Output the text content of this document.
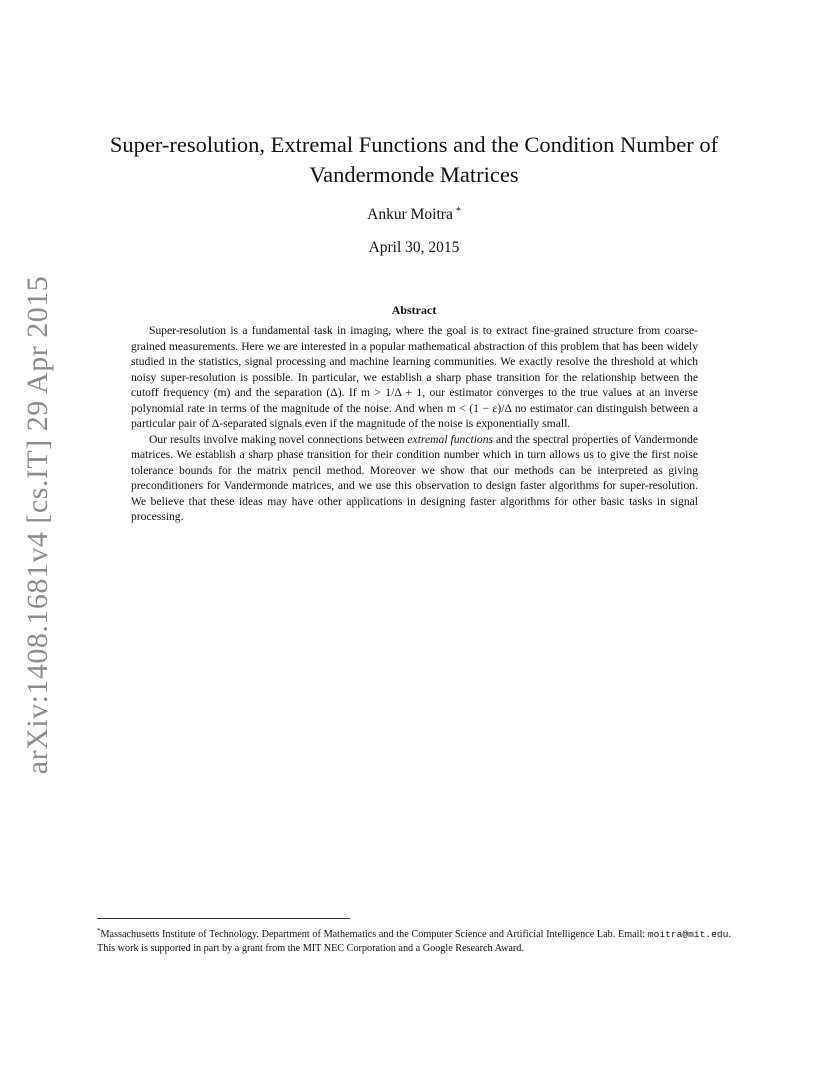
arXiv:1408.1681v4 [cs.IT] 29 Apr 2015
Super-resolution, Extremal Functions and the Condition Number of
Vandermonde Matrices
Ankur Moitra *
April 30, 2015
Abstract

Super-resolution is a fundamental task in imaging, where the goal is to extract fine-grained structure from coarse-grained measurements. Here we are interested in a popular mathematical abstraction of this problem that has been widely studied in the statistics, signal processing and machine learning communities. We exactly resolve the threshold at which noisy super-resolution is possible. In particular, we establish a sharp phase transition for the relationship between the cutoff frequency (m) and the separation (Δ). If m > 1/Δ + 1, our estimator converges to the true values at an inverse polynomial rate in terms of the magnitude of the noise. And when m < (1 − ε)/Δ no estimator can distinguish between a particular pair of Δ-separated signals even if the magnitude of the noise is exponentially small.

Our results involve making novel connections between extremal functions and the spectral properties of Vandermonde matrices. We establish a sharp phase transition for their condition number which in turn allows us to give the first noise tolerance bounds for the matrix pencil method. Moreover we show that our methods can be interpreted as giving preconditioners for Vandermonde matrices, and we use this observation to design faster algorithms for super-resolution. We believe that these ideas may have other applications in designing faster algorithms for other basic tasks in signal processing.

*Massachusetts Institute of Technology. Department of Mathematics and the Computer Science and Artificial Intelligence Lab. Email: moitra@mit.edu. This work is supported in part by a grant from the MIT NEC Corporation and a Google Research Award.
